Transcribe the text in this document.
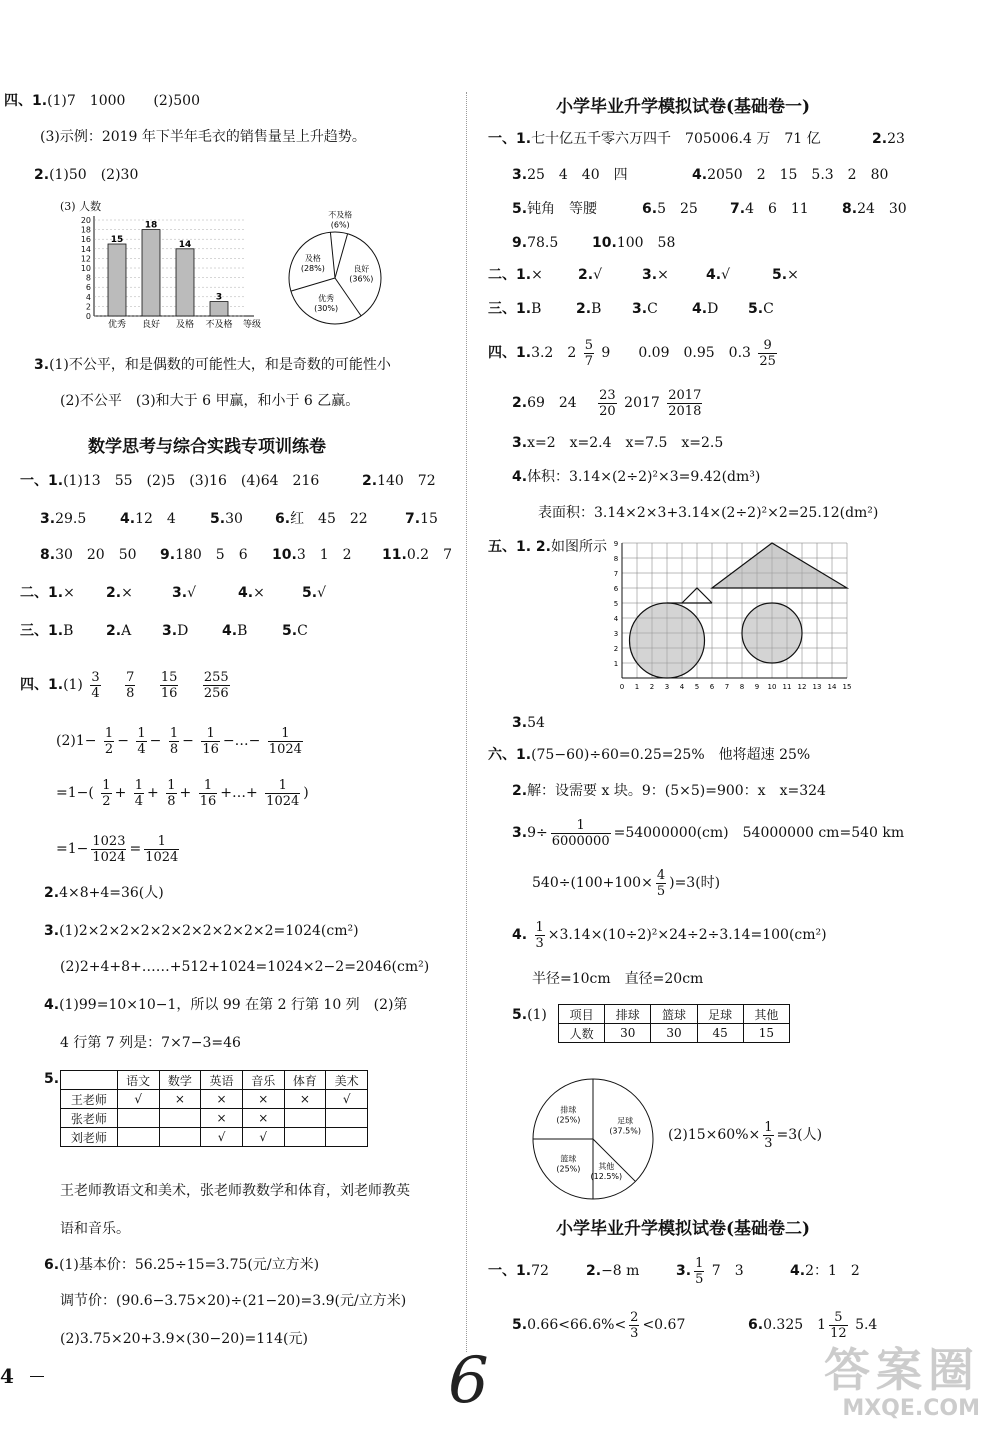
四、1.(1)7　1000　　(2)500
(3)示例：2019 年下半年毛衣的销售量呈上升趋势。
2.(1)50　(2)30
(3) 人数
0
2
4
6
8
10
12
14
16
18
20
15
优秀
18
良好
14
及格
3
不及格 等级
不及格
(6%)
良好
(36%)
优秀
(30%)
及格
(28%)
3.(1)不公平，和是偶数的可能性大，和是奇数的可能性小
(2)不公平　(3)和大于 6 甲赢，和小于 6 乙赢。
数学思考与综合实践专项训练卷
一、1.(1)13　55　(2)5　(3)16　(4)64　216	2.140　72
3.29.5 4.12　4 5.30 6.红　45　22	7.15
8.30　20　50 9.180　5　6 10.3　1　2 11.0.2　7
二、1.× 2.×	3.√	4.×	5.√
三、1.B 2.A 3.D 4.B 5.C
四、$1.(1) \frac{3}{4}$
　 $\frac{7}{8}$
　 $\frac{15}{16}$
　 $\frac{255}{256}$
$(2)1- \frac{1}{2} - \frac{1}{4} - \frac{1}{8} - \frac{1}{16}$ −…− $\frac{1}{1024}$
$=1-( \frac{1}{2} + \frac{1}{4} + \frac{1}{8} + \frac{1}{16}$ +…+ $\frac{1}{1024}$ )
$=1- \frac{1023}{1024} = \frac{1}{1024}$
2.4×8+4=36(人)
3.(1)2×2×2×2×2×2×2×2×2×2=1024(cm²)
(2)2+4+8+……+512+1024=1024×2−2=2046(cm²)
4.(1)99=10×10−1，所以 99 在第 2 行第 10 列　(2)第
4 行第 7 列是：7×7−3=46
5.
		语文	数学	英语	音乐	体育	美术
王老师	√	×	×	×	×	√
张老师			×	×		
刘老师			√	√		
王老师教语文和美术，张老师教数学和体育，刘老师教英
语和音乐。
6.(1)基本价：56.25÷15=3.75(元/立方米)
调节价：(90.6−3.75×20)÷(21−20)=3.9(元/立方米)
(2)3.75×20+3.9×(30−20)=114(元)
4
小学毕业升学模拟试卷(基础卷一)
一、1.七十亿五千零六万四千　705006.4 万　71 亿	2.23
3.25　4　40　四	4.2050　2　15　5.3　2　80
5.钝角　等腰	6.5　25 7.4　6　11 8.24　30
9.78.5 10.100　58
二、1.×	2.√	3.×	4.√	5.×
三、1.B 2.B 3.C 4.D 5.C
四、1.3.2　$2 \frac{5}{7} 9$　　0.09　0.95　$0.3 \frac{9}{25}$
2.69　24　 $\frac{23}{20} 2017 \frac{2017}{2018}$
3.x=2　x=2.4　x=7.5　x=2.5
4.体积：3.14×(2÷2)²×3=9.42(dm³)
表面积：3.14×2×3+3.14×(2÷2)²×2=25.12(dm²)
五、1. 2.如图所示
0 1 2 3 4 5 6 7 8 9 10 11 12 13 14 15
1
2
3
4
5
6
7
8
9
3.54
六、1.(75−60)÷60=0.25=25%　他将超速 25%
2.解：设需要 x 块。9：(5×5)=900：x　x=324
$3.9\div \frac{1}{6000000} =54000000(cm)$　54000000 cm=540 km
$540\div(100+100\times \frac{4}{5} )=3$(时)
4. $\frac{1}{3} \times 3.14\times(10\div 2)^2\times 24\div 2\div 3.14=100(cm^2)$
半径=10cm　直径=20cm
5.(1) 项目	排球	篮球	足球	其他
人数	30	30	45	15
排球
(25%)	足球
(37.5%)
其他
(12.5%)
篮球
(25%)
$(2)15\times 60\%\times \frac{1}{3} =3$(人)
小学毕业升学模拟试卷(基础卷二)
一、1.72	2.−8 m	3. $\frac{1}{5} 7$　3	4.2：1　2
$5.0.66<66.6\%< \frac{2}{3} <0.67$	6.0.325　$1 \frac{5}{12} 5.4$
6	答案圈
MXQE.COM
